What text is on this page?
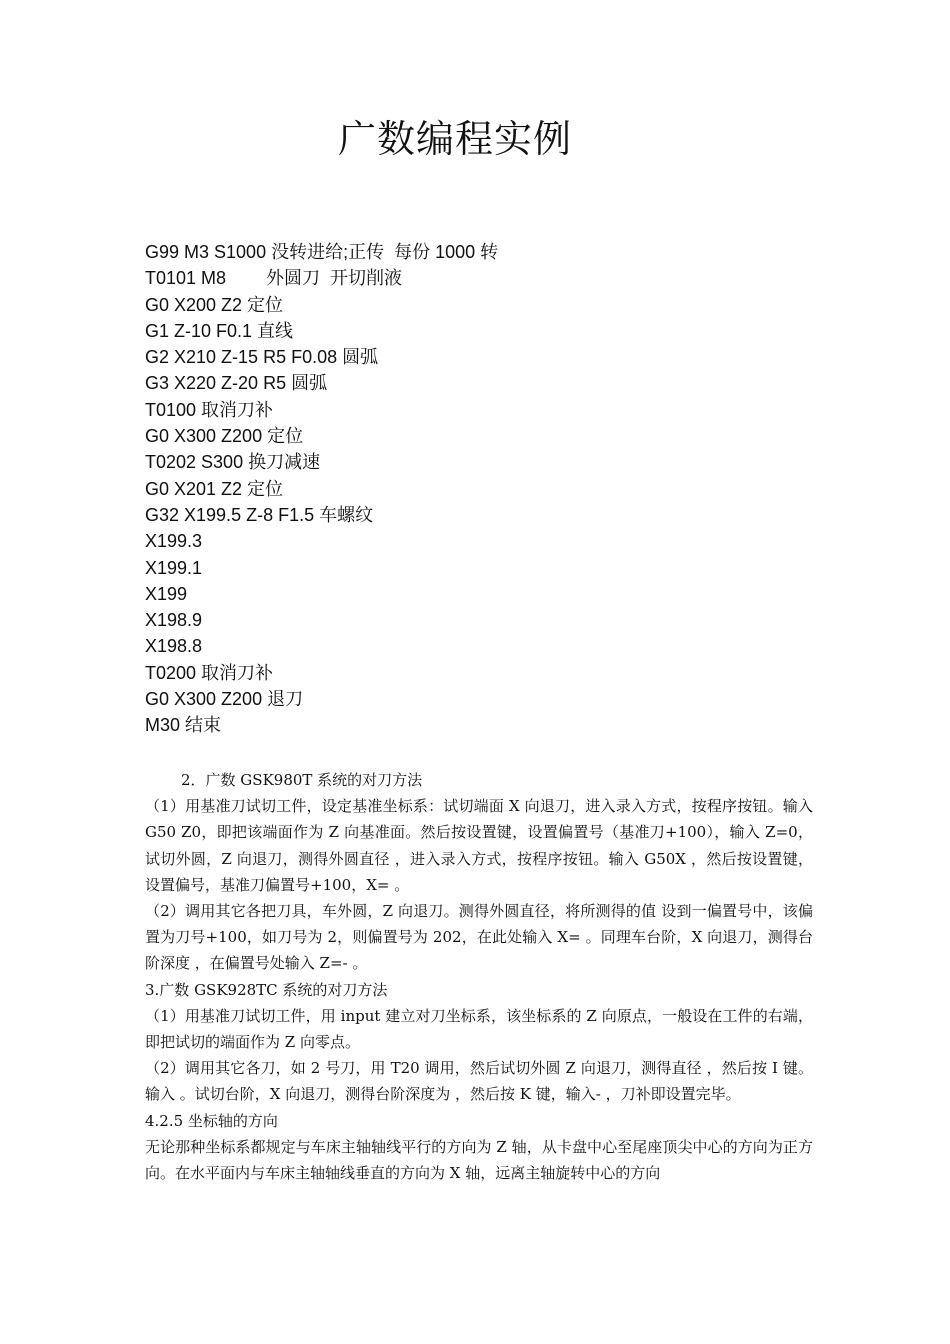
广数编程实例
G99 M3 S1000 没转进给;正传  每份 1000 转
T0101 M8        外圆刀  开切削液
G0 X200 Z2 定位
G1 Z-10 F0.1 直线
G2 X210 Z-15 R5 F0.08 圆弧
G3 X220 Z-20 R5 圆弧
T0100 取消刀补
G0 X300 Z200 定位
T0202 S300 换刀减速
G0 X201 Z2 定位
G32 X199.5 Z-8 F1.5 车螺纹
X199.3
X199.1
X199
X198.9
X198.8
T0200 取消刀补
G0 X300 Z200 退刀
M30 结束

2．广数 GSK980T 系统的对刀方法

（1）用基准刀试切工件，设定基准坐标系：试切端面 X 向退刀，进入录入方式，按程序按钮。输入 G50 Z0，即把该端面作为 Z 向基准面。然后按设置键，设置偏置号（基准刀+100），输入 Z=0，试切外圆，Z 向退刀，测得外圆直径 ，进入录入方式，按程序按钮。输入 G50X ，然后按设置键，设置偏号，基准刀偏置号+100，X= 。

（2）调用其它各把刀具，车外圆，Z 向退刀。测得外圆直径，将所测得的值 设到一偏置号中，该偏置为刀号+100，如刀号为 2，则偏置号为 202，在此处输入 X= 。同理车台阶，X 向退刀，测得台阶深度 ，在偏置号处输入 Z=- 。

3.广数 GSK928TC 系统的对刀方法

（1）用基准刀试切工件，用 input 建立对刀坐标系，该坐标系的 Z 向原点，一般设在工件的右端，即把试切的端面作为 Z 向零点。

（2）调用其它各刀，如 2 号刀，用 T20 调用，然后试切外圆 Z 向退刀，测得直径 ，然后按 I 键。输入 。试切台阶，X 向退刀，测得台阶深度为 ，然后按 K 键，输入- ，刀补即设置完毕。

4.2.5 坐标轴的方向

无论那种坐标系都规定与车床主轴轴线平行的方向为 Z 轴，从卡盘中心至尾座顶尖中心的方向为正方向。在水平面内与车床主轴轴线垂直的方向为 X 轴，远离主轴旋转中心的方向
